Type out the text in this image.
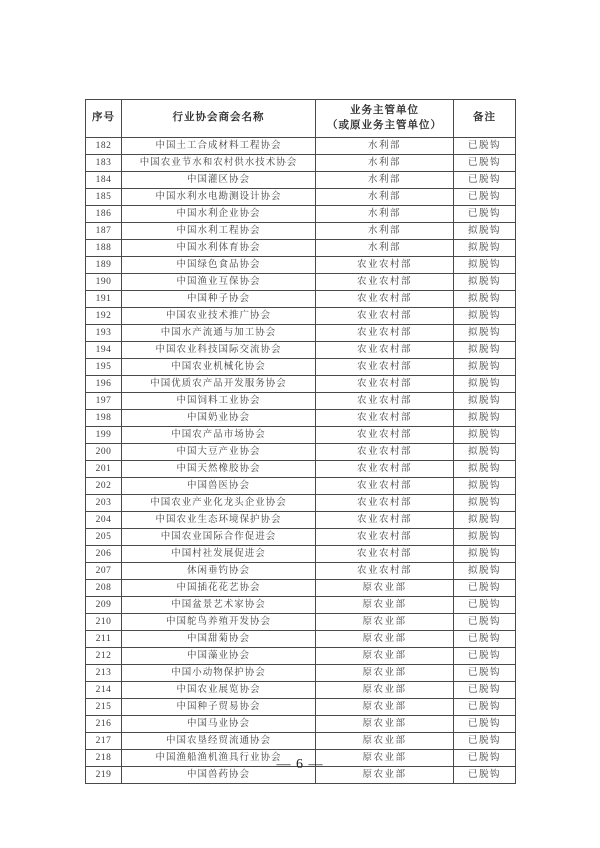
序号	行业协会商会名称	业务主管单位
（或原业务主管单位）	备注
182	中国土工合成材料工程协会	水利部	已脱钩
183	中国农业节水和农村供水技术协会	水利部	已脱钩
184	中国灌区协会	水利部	已脱钩
185	中国水利水电勘测设计协会	水利部	已脱钩
186	中国水利企业协会	水利部	已脱钩
187	中国水利工程协会	水利部	拟脱钩
188	中国水利体育协会	水利部	拟脱钩
189	中国绿色食品协会	农业农村部	拟脱钩
190	中国渔业互保协会	农业农村部	拟脱钩
191	中国种子协会	农业农村部	拟脱钩
192	中国农业技术推广协会	农业农村部	拟脱钩
193	中国水产流通与加工协会	农业农村部	拟脱钩
194	中国农业科技国际交流协会	农业农村部	拟脱钩
195	中国农业机械化协会	农业农村部	拟脱钩
196	中国优质农产品开发服务协会	农业农村部	拟脱钩
197	中国饲料工业协会	农业农村部	拟脱钩
198	中国奶业协会	农业农村部	拟脱钩
199	中国农产品市场协会	农业农村部	拟脱钩
200	中国大豆产业协会	农业农村部	拟脱钩
201	中国天然橡胶协会	农业农村部	拟脱钩
202	中国兽医协会	农业农村部	拟脱钩
203	中国农业产业化龙头企业协会	农业农村部	拟脱钩
204	中国农业生态环境保护协会	农业农村部	拟脱钩
205	中国农业国际合作促进会	农业农村部	拟脱钩
206	中国村社发展促进会	农业农村部	拟脱钩
207	休闲垂钓协会	农业农村部	拟脱钩
208	中国插花花艺协会	原农业部	已脱钩
209	中国盆景艺术家协会	原农业部	已脱钩
210	中国鸵鸟养殖开发协会	原农业部	已脱钩
211	中国甜菊协会	原农业部	已脱钩
212	中国藻业协会	原农业部	已脱钩
213	中国小动物保护协会	原农业部	已脱钩
214	中国农业展览协会	原农业部	已脱钩
215	中国种子贸易协会	原农业部	已脱钩
216	中国马业协会	原农业部	已脱钩
217	中国农垦经贸流通协会	原农业部	已脱钩
218	中国渔船渔机渔具行业协会	原农业部	已脱钩
219	中国兽药协会	原农业部	已脱钩
— 6 —
